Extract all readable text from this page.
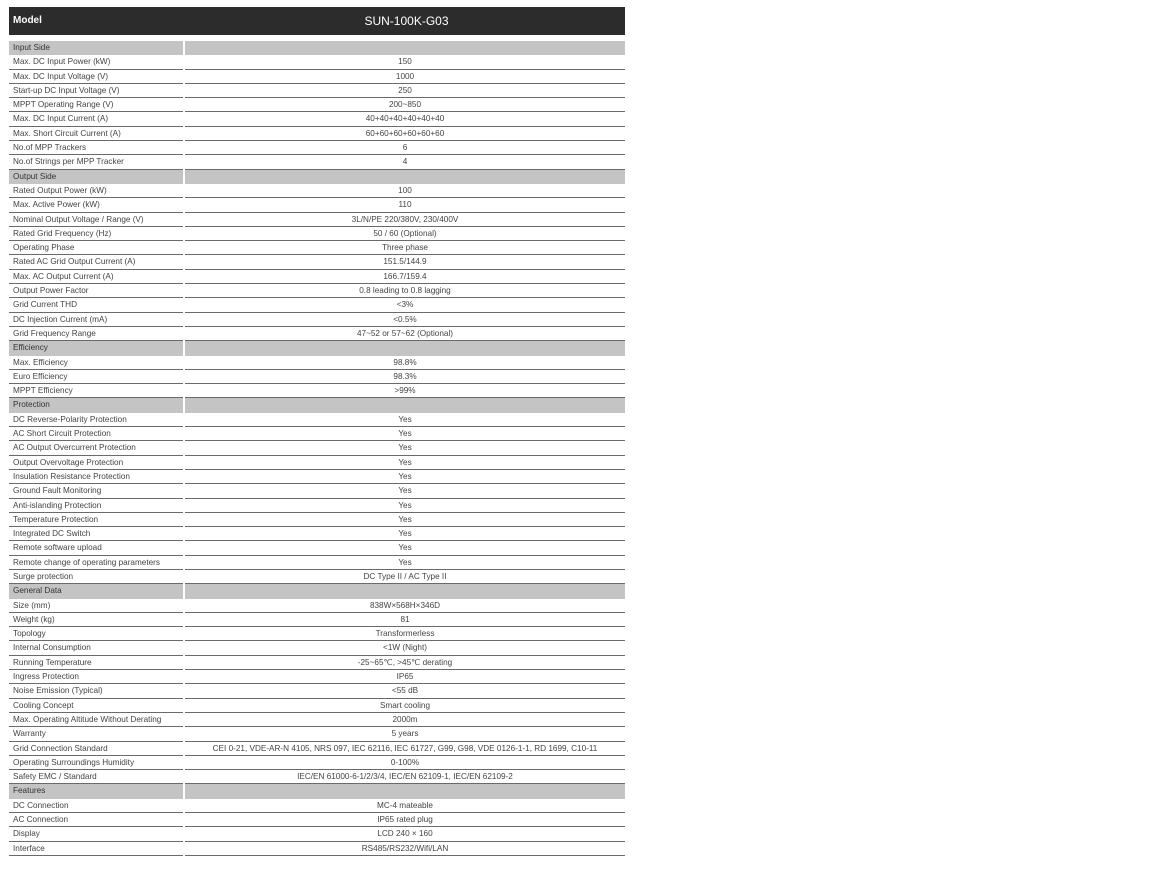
Model	SUN-100K-G03
Input Side
Max. DC Input Power (kW)	150
Max. DC Input Voltage (V)	1000
Start-up DC Input Voltage (V)	250
MPPT Operating Range (V)	200~850
Max. DC Input Current (A)	40+40+40+40+40+40
Max. Short Circuit Current (A)	60+60+60+60+60+60
No.of MPP Trackers	6
No.of Strings per MPP Tracker	4
Output Side
Rated Output Power (kW)	100
Max. Active Power (kW)	110
Nominal Output Voltage / Range (V)	3L/N/PE 220/380V, 230/400V
Rated Grid Frequency (Hz)	50 / 60 (Optional)
Operating Phase	Three phase
Rated AC Grid Output Current (A)	151.5/144.9
Max. AC Output Current (A)	166.7/159.4
Output Power Factor	0.8 leading to 0.8 lagging
Grid Current THD	<3%
DC Injection Current (mA)	<0.5%
Grid Frequency Range	47~52 or 57~62 (Optional)
Efficiency
Max. Efficiency	98.8%
Euro Efficiency	98.3%
MPPT Efficiency	>99%
Protection
DC Reverse-Polarity Protection	Yes
AC Short Circuit Protection	Yes
AC Output Overcurrent Protection	Yes
Output Overvoltage Protection	Yes
Insulation Resistance Protection	Yes
Ground Fault Monitoring	Yes
Anti-islanding Protection	Yes
Temperature Protection	Yes
Integrated DC Switch	Yes
Remote software upload	Yes
Remote change of operating parameters	Yes
Surge protection	DC Type II / AC Type II
General Data
Size (mm)	838W×568H×346D
Weight (kg)	81
Topology	Transformerless
Internal Consumption	<1W (Night)
Running Temperature	-25~65℃, >45℃ derating
Ingress Protection	IP65
Noise Emission (Typical)	<55 dB
Cooling Concept	Smart cooling
Max. Operating Altitude Without Derating	2000m
Warranty	5 years
Grid Connection Standard	CEI 0-21, VDE-AR-N 4105, NRS 097, IEC 62116, IEC 61727, G99, G98, VDE 0126-1-1, RD 1699, C10-11
Operating Surroundings Humidity	0-100%
Safety EMC / Standard	IEC/EN 61000-6-1/2/3/4, IEC/EN 62109-1, IEC/EN 62109-2
Features
DC Connection	MC-4 mateable
AC Connection	IP65 rated plug
Display	LCD 240 × 160
Interface	RS485/RS232/Wifi/LAN
